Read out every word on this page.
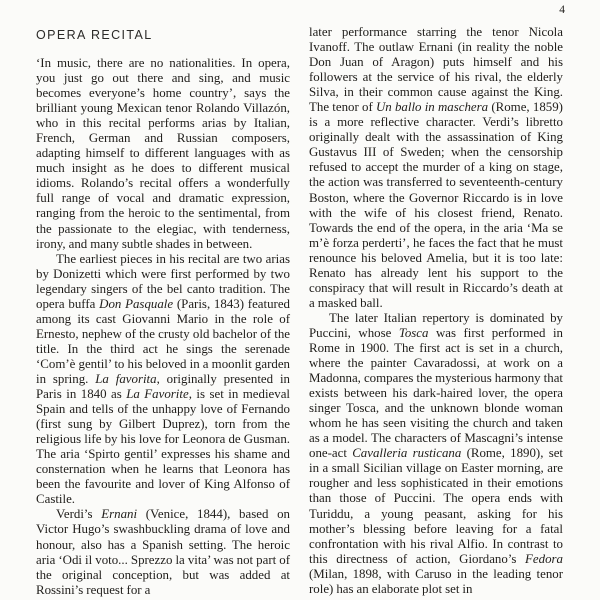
4
OPERA RECITAL

‘In music, there are no nationalities. In opera, you just go out there and sing, and music becomes everyone’s home country’, says the brilliant young Mexican tenor Rolando Villazón, who in this recital performs arias by Italian, French, German and Russian composers, adapting himself to different languages with as much insight as he does to different musical idioms. Rolando’s recital offers a wonderfully full range of vocal and dramatic expression, ranging from the heroic to the sentimental, from the passionate to the elegiac, with tenderness, irony, and many subtle shades in between.

The earliest pieces in his recital are two arias by Donizetti which were first performed by two legendary singers of the bel canto tradition. The opera buffa Don Pasquale (Paris, 1843) featured among its cast Giovanni Mario in the role of Ernesto, nephew of the crusty old bachelor of the title. In the third act he sings the serenade ‘Com’è gentil’ to his beloved in a moonlit garden in spring. La favorita, originally presented in Paris in 1840 as La Favorite, is set in medieval Spain and tells of the unhappy love of Fernando (first sung by Gilbert Duprez), torn from the religious life by his love for Leonora de Gusman. The aria ‘Spirto gentil’ expresses his shame and consternation when he learns that Leonora has been the favourite and lover of King Alfonso of Castile.

Verdi’s Ernani (Venice, 1844), based on Victor Hugo’s swashbuckling drama of love and honour, also has a Spanish setting. The heroic aria ‘Odi il voto... Sprezzo la vita’ was not part of the original conception, but was added at Rossini’s request for a

later performance starring the tenor Nicola Ivanoff. The outlaw Ernani (in reality the noble Don Juan of Aragon) puts himself and his followers at the service of his rival, the elderly Silva, in their common cause against the King. The tenor of Un ballo in maschera (Rome, 1859) is a more reflective character. Verdi’s libretto originally dealt with the assassination of King Gustavus III of Sweden; when the censorship refused to accept the murder of a king on stage, the action was transferred to seventeenth-century Boston, where the Governor Riccardo is in love with the wife of his closest friend, Renato. Towards the end of the opera, in the aria ‘Ma se m’è forza perderti’, he faces the fact that he must renounce his beloved Amelia, but it is too late: Renato has already lent his support to the conspiracy that will result in Riccardo’s death at a masked ball.

The later Italian repertory is dominated by Puccini, whose Tosca was first performed in Rome in 1900. The first act is set in a church, where the painter Cavaradossi, at work on a Madonna, compares the mysterious harmony that exists between his dark-haired lover, the opera singer Tosca, and the unknown blonde woman whom he has seen visiting the church and taken as a model. The characters of Mascagni’s intense one-act Cavalleria rusticana (Rome, 1890), set in a small Sicilian village on Easter morning, are rougher and less sophisticated in their emotions than those of Puccini. The opera ends with Turiddu, a young peasant, asking for his mother’s blessing before leaving for a fatal confrontation with his rival Alfio. In contrast to this directness of action, Giordano’s Fedora (Milan, 1898, with Caruso in the leading tenor role) has an elaborate plot set in
